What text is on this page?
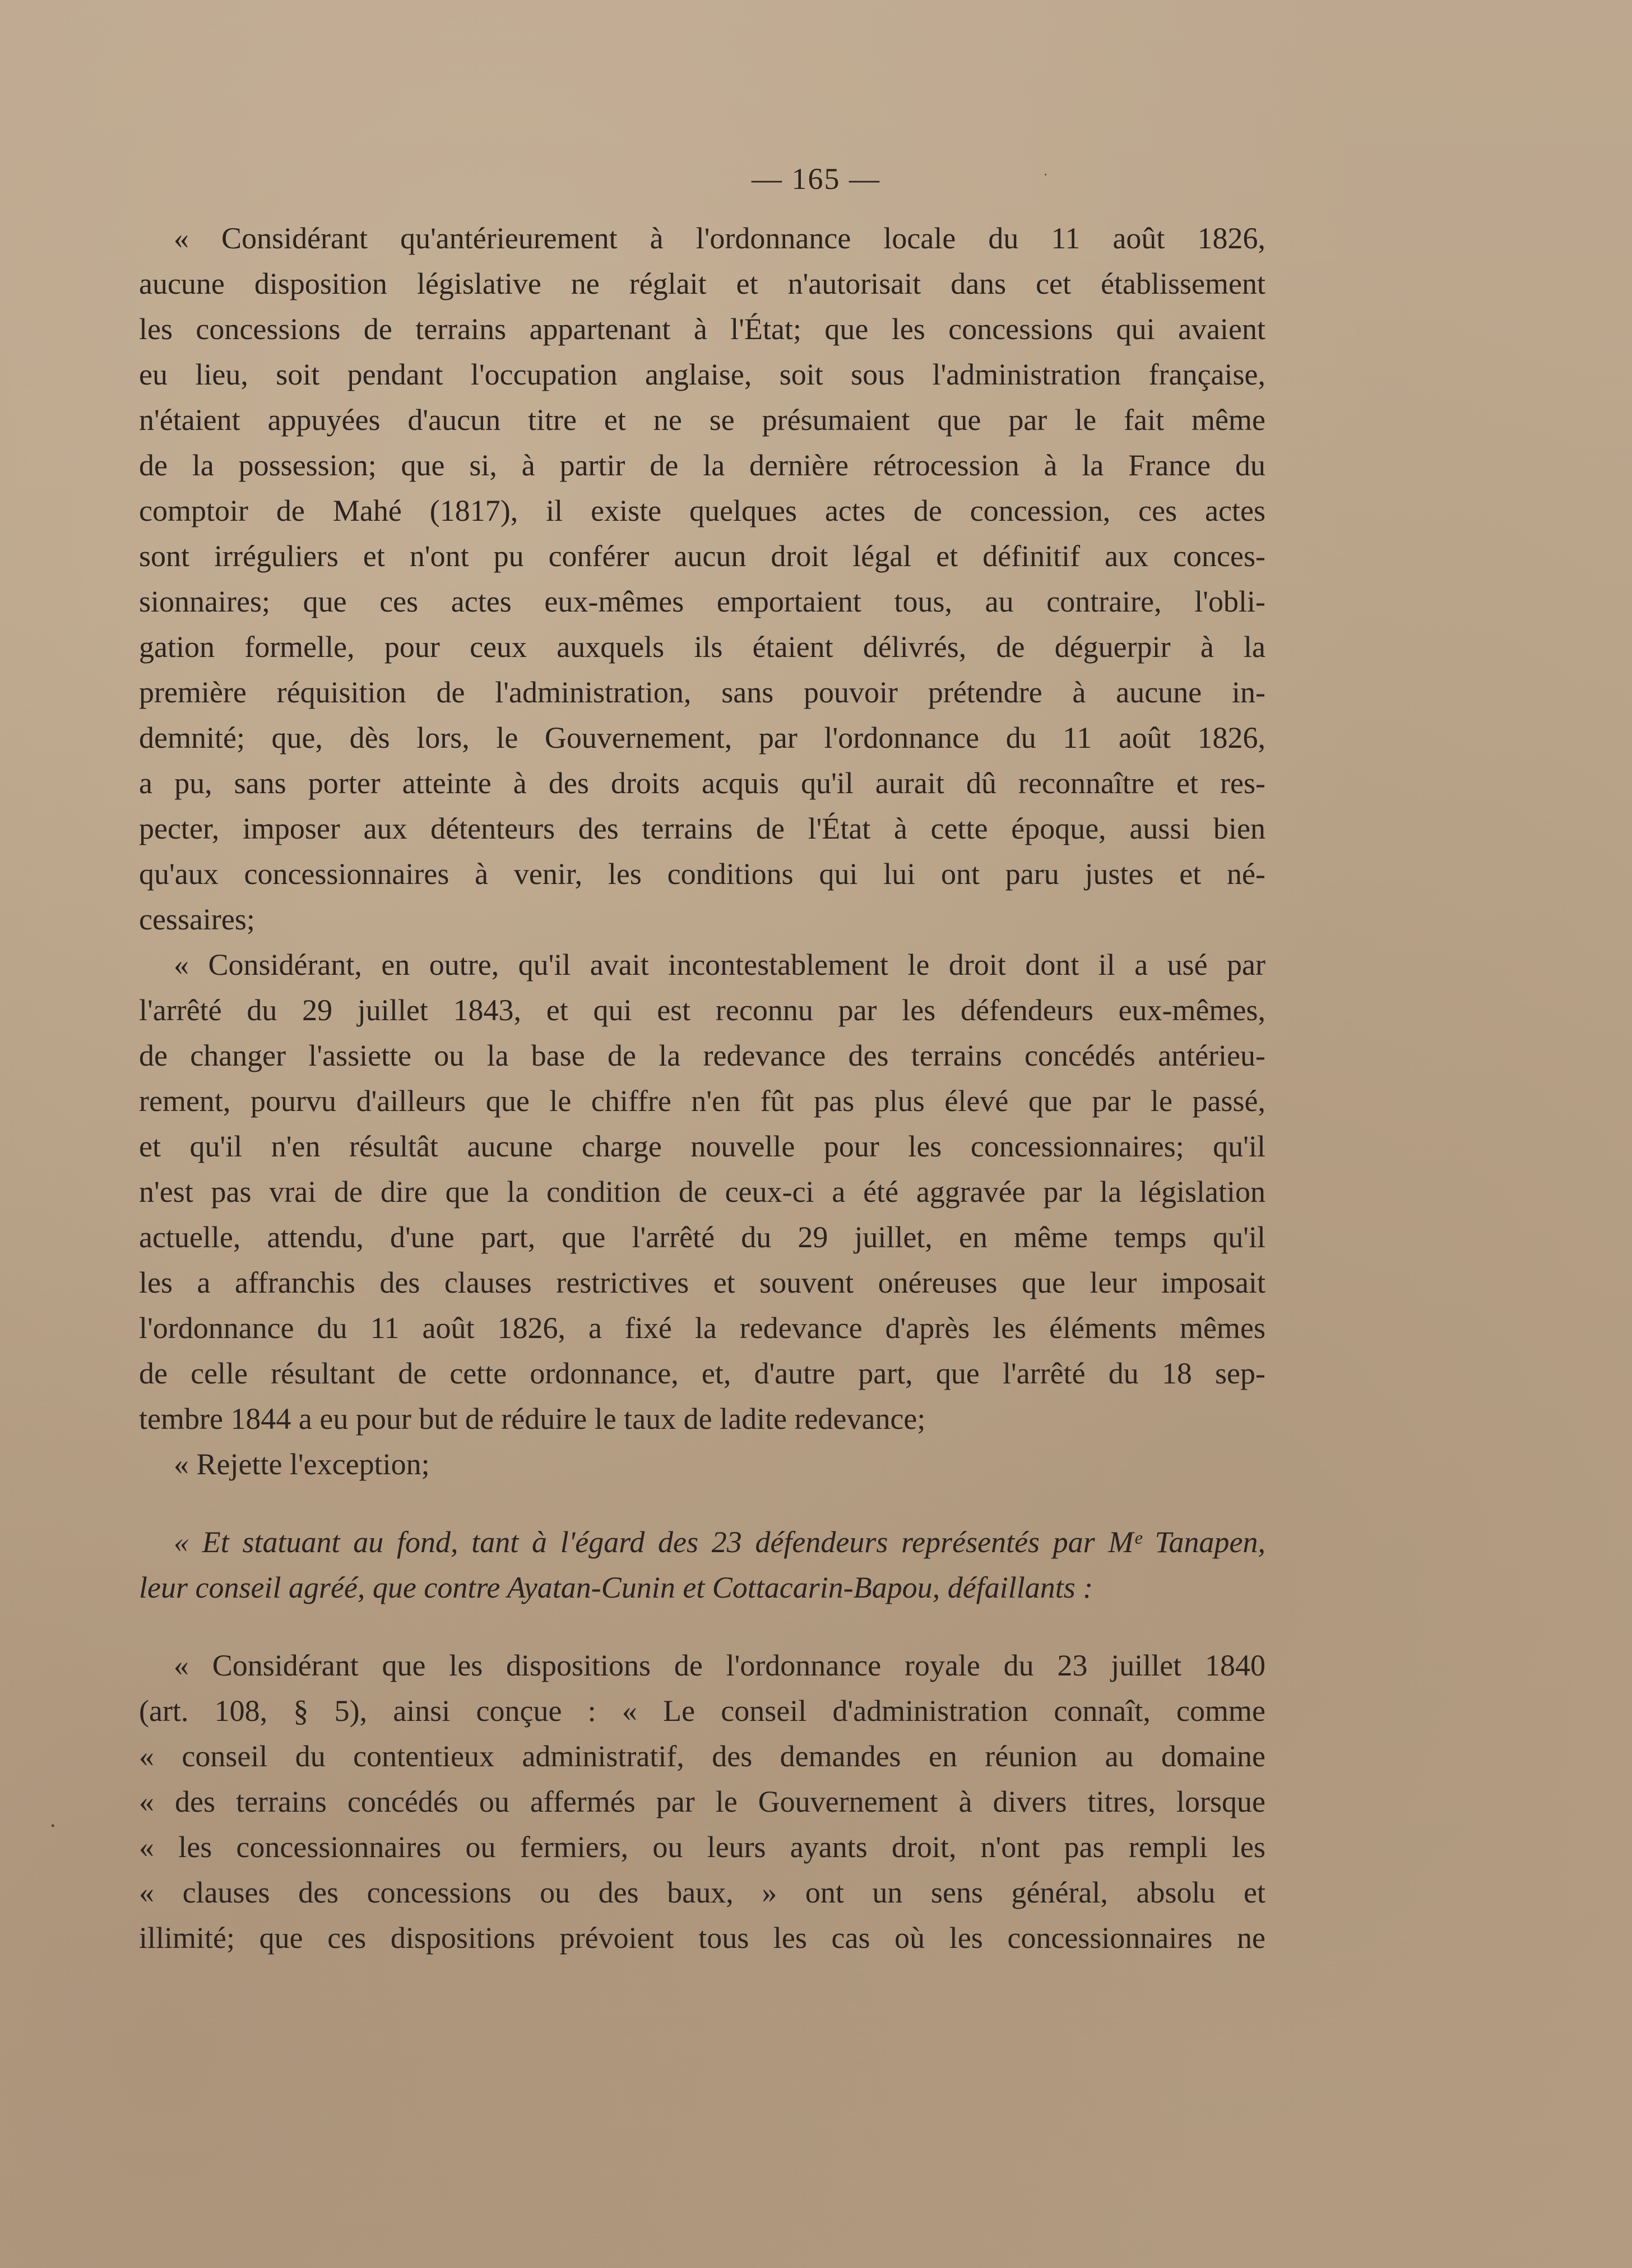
— 165 —
·
·
« Considérant qu'antérieurement à l'ordonnance locale du 11 août 1826,
aucune disposition législative ne réglait et n'autorisait dans cet établissement
les concessions de terrains appartenant à l'État; que les concessions qui avaient
eu lieu, soit pendant l'occupation anglaise, soit sous l'administration française,
n'étaient appuyées d'aucun titre et ne se présumaient que par le fait même
de la possession; que si, à partir de la dernière rétrocession à la France du
comptoir de Mahé (1817), il existe quelques actes de concession, ces actes
sont irréguliers et n'ont pu conférer aucun droit légal et définitif aux conces-
sionnaires; que ces actes eux-mêmes emportaient tous, au contraire, l'obli-
gation formelle, pour ceux auxquels ils étaient délivrés, de déguerpir à la
première réquisition de l'administration, sans pouvoir prétendre à aucune in-
demnité; que, dès lors, le Gouvernement, par l'ordonnance du 11 août 1826,
a pu, sans porter atteinte à des droits acquis qu'il aurait dû reconnaître et res-
pecter, imposer aux détenteurs des terrains de l'État à cette époque, aussi bien
qu'aux concessionnaires à venir, les conditions qui lui ont paru justes et né-
cessaires;
« Considérant, en outre, qu'il avait incontestablement le droit dont il a usé par
l'arrêté du 29 juillet 1843, et qui est reconnu par les défendeurs eux-mêmes,
de changer l'assiette ou la base de la redevance des terrains concédés antérieu-
rement, pourvu d'ailleurs que le chiffre n'en fût pas plus élevé que par le passé,
et qu'il n'en résultât aucune charge nouvelle pour les concessionnaires; qu'il
n'est pas vrai de dire que la condition de ceux-ci a été aggravée par la législation
actuelle, attendu, d'une part, que l'arrêté du 29 juillet, en même temps qu'il
les a affranchis des clauses restrictives et souvent onéreuses que leur imposait
l'ordonnance du 11 août 1826, a fixé la redevance d'après les éléments mêmes
de celle résultant de cette ordonnance, et, d'autre part, que l'arrêté du 18 sep-
tembre 1844 a eu pour but de réduire le taux de ladite redevance;
« Rejette l'exception;
« Et statuant au fond, tant à l'égard des 23 défendeurs représentés par Mᵉ Tanapen,
leur conseil agréé, que contre Ayatan-Cunin et Cottacarin-Bapou, défaillants :
« Considérant que les dispositions de l'ordonnance royale du 23 juillet 1840
(art. 108, § 5), ainsi conçue : « Le conseil d'administration connaît, comme
« conseil du contentieux administratif, des demandes en réunion au domaine
« des terrains concédés ou affermés par le Gouvernement à divers titres, lorsque
« les concessionnaires ou fermiers, ou leurs ayants droit, n'ont pas rempli les
« clauses des concessions ou des baux, » ont un sens général, absolu et
illimité; que ces dispositions prévoient tous les cas où les concessionnaires ne
